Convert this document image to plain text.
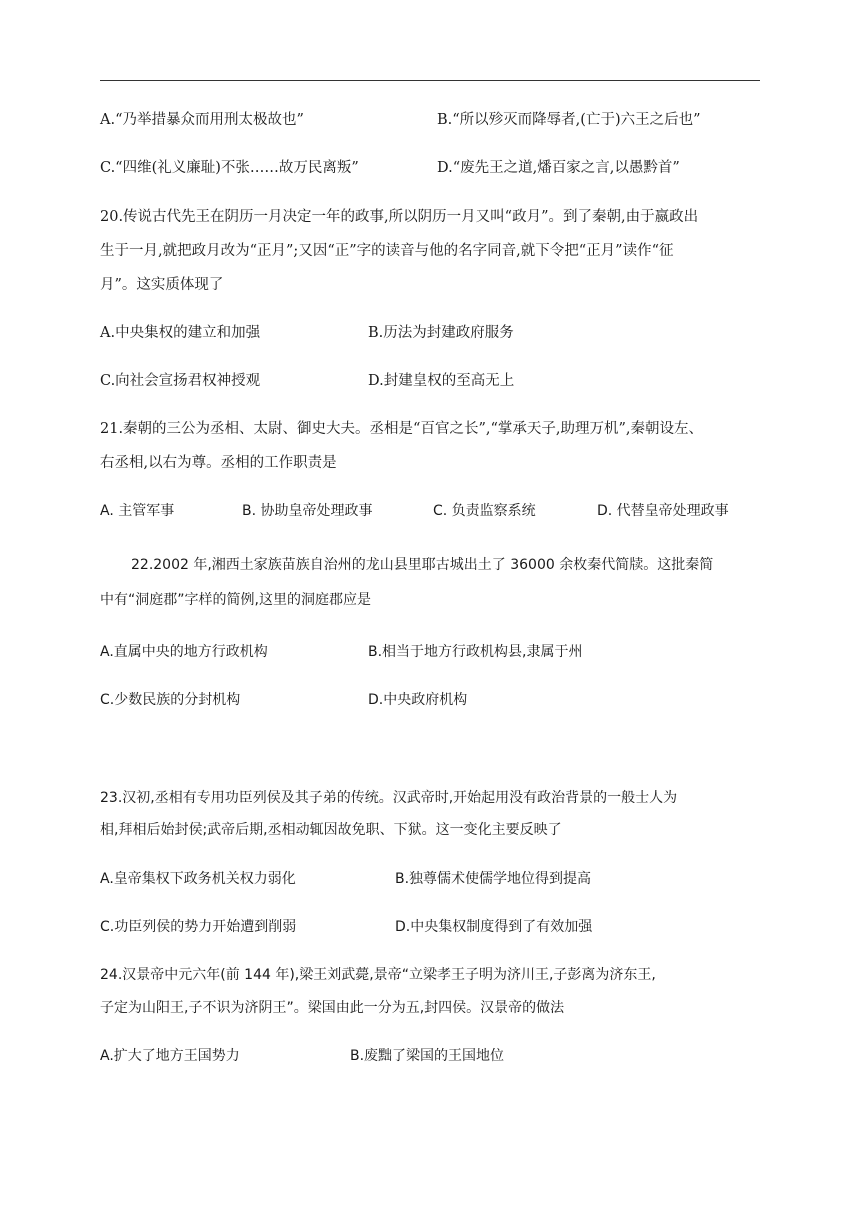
A.“乃举措暴众而用刑太极故也”	B.“所以殄灭而降辱者,(亡于)六王之后也”
C.“四维(礼义廉耻)不张……故万民离叛”	D.“废先王之道,燔百家之言,以愚黔首”
20.传说古代先王在阴历一月决定一年的政事,所以阴历一月又叫“政月”。到了秦朝,由于嬴政出
生于一月,就把政月改为“正月”;又因“正”字的读音与他的名字同音,就下令把“正月”读作“征
月”。这实质体现了
A.中央集权的建立和加强	B.历法为封建政府服务
C.向社会宣扬君权神授观	D.封建皇权的至高无上
21.秦朝的三公为丞相、太尉、御史大夫。丞相是“百官之长”,“掌承天子,助理万机”,秦朝设左、
右丞相,以右为尊。丞相的工作职责是
A. 主管军事	B. 协助皇帝处理政事	C. 负责监察系统	D. 代替皇帝处理政事
22.2002 年,湘西土家族苗族自治州的龙山县里耶古城出土了 36000 余枚秦代简牍。这批秦简
中有“洞庭郡”字样的简例,这里的洞庭郡应是
A.直属中央的地方行政机构	B.相当于地方行政机构县,隶属于州
C.少数民族的分封机构	D.中央政府机构
23.汉初,丞相有专用功臣列侯及其子弟的传统。汉武帝时,开始起用没有政治背景的一般士人为
相,拜相后始封侯;武帝后期,丞相动辄因故免职、下狱。这一变化主要反映了
A.皇帝集权下政务机关权力弱化	B.独尊儒术使儒学地位得到提高
C.功臣列侯的势力开始遭到削弱	D.中央集权制度得到了有效加强
24.汉景帝中元六年(前 144 年),梁王刘武薨,景帝“立梁孝王子明为济川王,子彭离为济东王,
子定为山阳王,子不识为济阴王”。梁国由此一分为五,封四侯。汉景帝的做法
A.扩大了地方王国势力	B.废黜了梁国的王国地位
